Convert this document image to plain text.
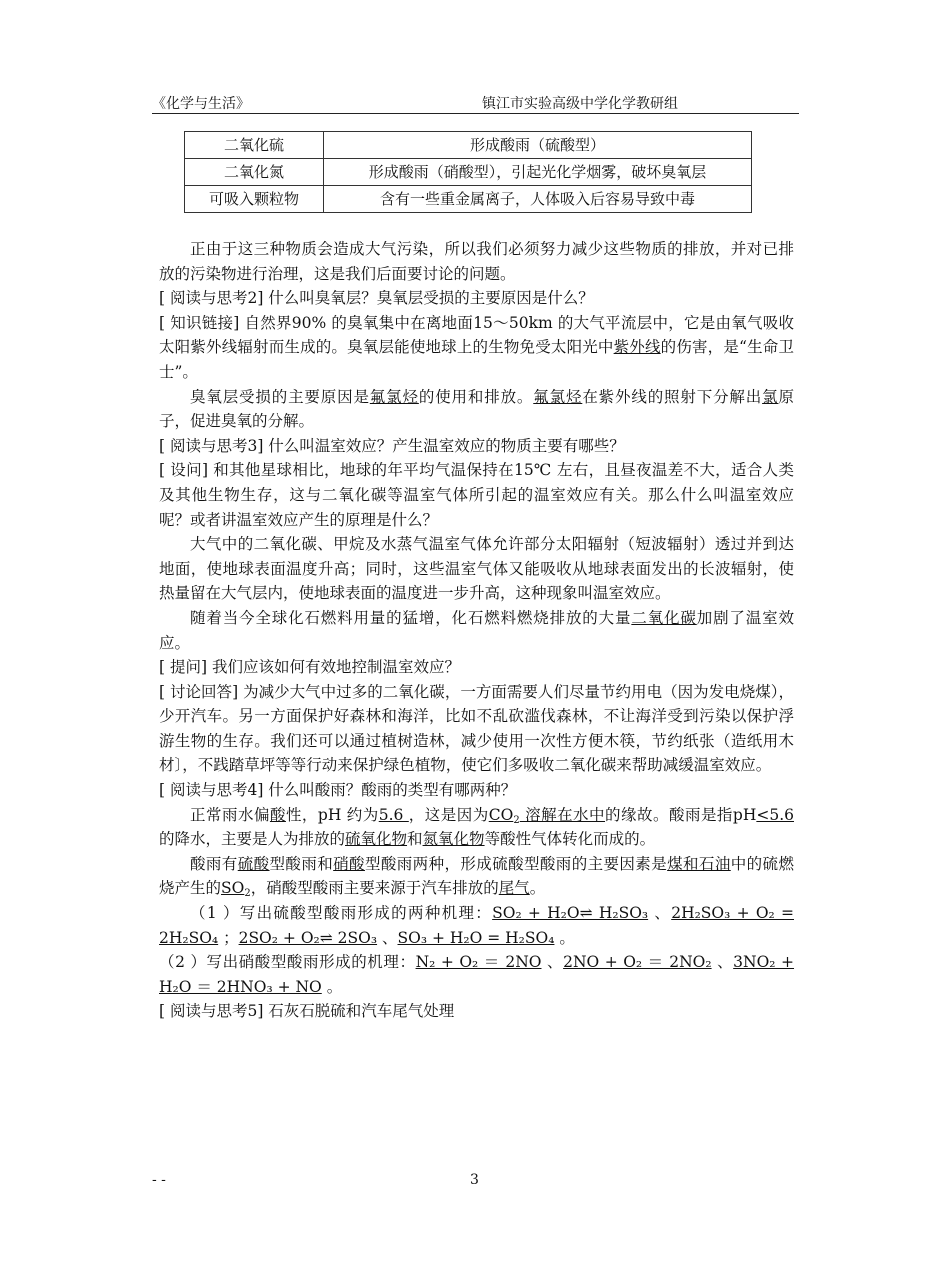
《化学与生活》	镇江市实验高级中学化学教研组
二氧化硫	形成酸雨（硫酸型）
二氧化氮	形成酸雨（硝酸型），引起光化学烟雾，破坏臭氧层
可吸入颗粒物	含有一些重金属离子，人体吸入后容易导致中毒

正由于这三种物质会造成大气污染，所以我们必须努力减少这些物质的排放，并对已排放的污染物进行治理，这是我们后面要讨论的问题。

[ 阅读与思考2] 什么叫臭氧层？臭氧层受损的主要原因是什么？

[ 知识链接] 自然界90% 的臭氧集中在离地面15～50km 的大气平流层中，它是由氧气吸收太阳紫外线辐射而生成的。臭氧层能使地球上的生物免受太阳光中紫外线的伤害，是“生命卫士”。

臭氧层受损的主要原因是氟氯烃的使用和排放。氟氯烃在紫外线的照射下分解出氯原子，促进臭氧的分解。

[ 阅读与思考3] 什么叫温室效应？产生温室效应的物质主要有哪些？

[ 设问] 和其他星球相比，地球的年平均气温保持在15℃ 左右，且昼夜温差不大，适合人类及其他生物生存，这与二氧化碳等温室气体所引起的温室效应有关。那么什么叫温室效应呢？或者讲温室效应产生的原理是什么？

大气中的二氧化碳、甲烷及水蒸气温室气体允许部分太阳辐射（短波辐射）透过并到达地面，使地球表面温度升高；同时，这些温室气体又能吸收从地球表面发出的长波辐射，使热量留在大气层内，使地球表面的温度进一步升高，这种现象叫温室效应。

随着当今全球化石燃料用量的猛增，化石燃料燃烧排放的大量二氧化碳加剧了温室效应。

[ 提问] 我们应该如何有效地控制温室效应？

[ 讨论回答] 为减少大气中过多的二氧化碳，一方面需要人们尽量节约用电（因为发电烧煤），少开汽车。另一方面保护好森林和海洋，比如不乱砍滥伐森林，不让海洋受到污染以保护浮游生物的生存。我们还可以通过植树造林，减少使用一次性方便木筷，节约纸张（造纸用木材〕，不践踏草坪等等行动来保护绿色植物，使它们多吸收二氧化碳来帮助减缓温室效应。

[ 阅读与思考4] 什么叫酸雨？酸雨的类型有哪两种？

正常雨水偏酸性，pH 约为5.6 ，这是因为$CO_2$ 溶解在水中的缘故。酸雨是指pH<5.6 的降水，主要是人为排放的硫氧化物和氮氧化物等酸性气体转化而成的。

酸雨有硫酸型酸雨和硝酸型酸雨两种，形成硫酸型酸雨的主要因素是煤和石油中的硫燃烧产生的$SO_2$，硝酸型酸雨主要来源于汽车排放的尾气。

（1 ）写出硫酸型酸雨形成的两种机理：SO₂ + H₂O⇌ H₂SO₃ 、2H₂SO₃ + O₂ = 2H₂SO₄ ；2SO₂ + O₂⇌ 2SO₃ 、SO₃ + H₂O = H₂SO₄ 。

（2 ）写出硝酸型酸雨形成的机理：N₂ + O₂ ＝ 2NO 、2NO + O₂ ＝ 2NO₂ 、3NO₂ + H₂O ＝ 2HNO₃ + NO 。

[ 阅读与思考5] 石灰石脱硫和汽车尾气处理

- -	3
